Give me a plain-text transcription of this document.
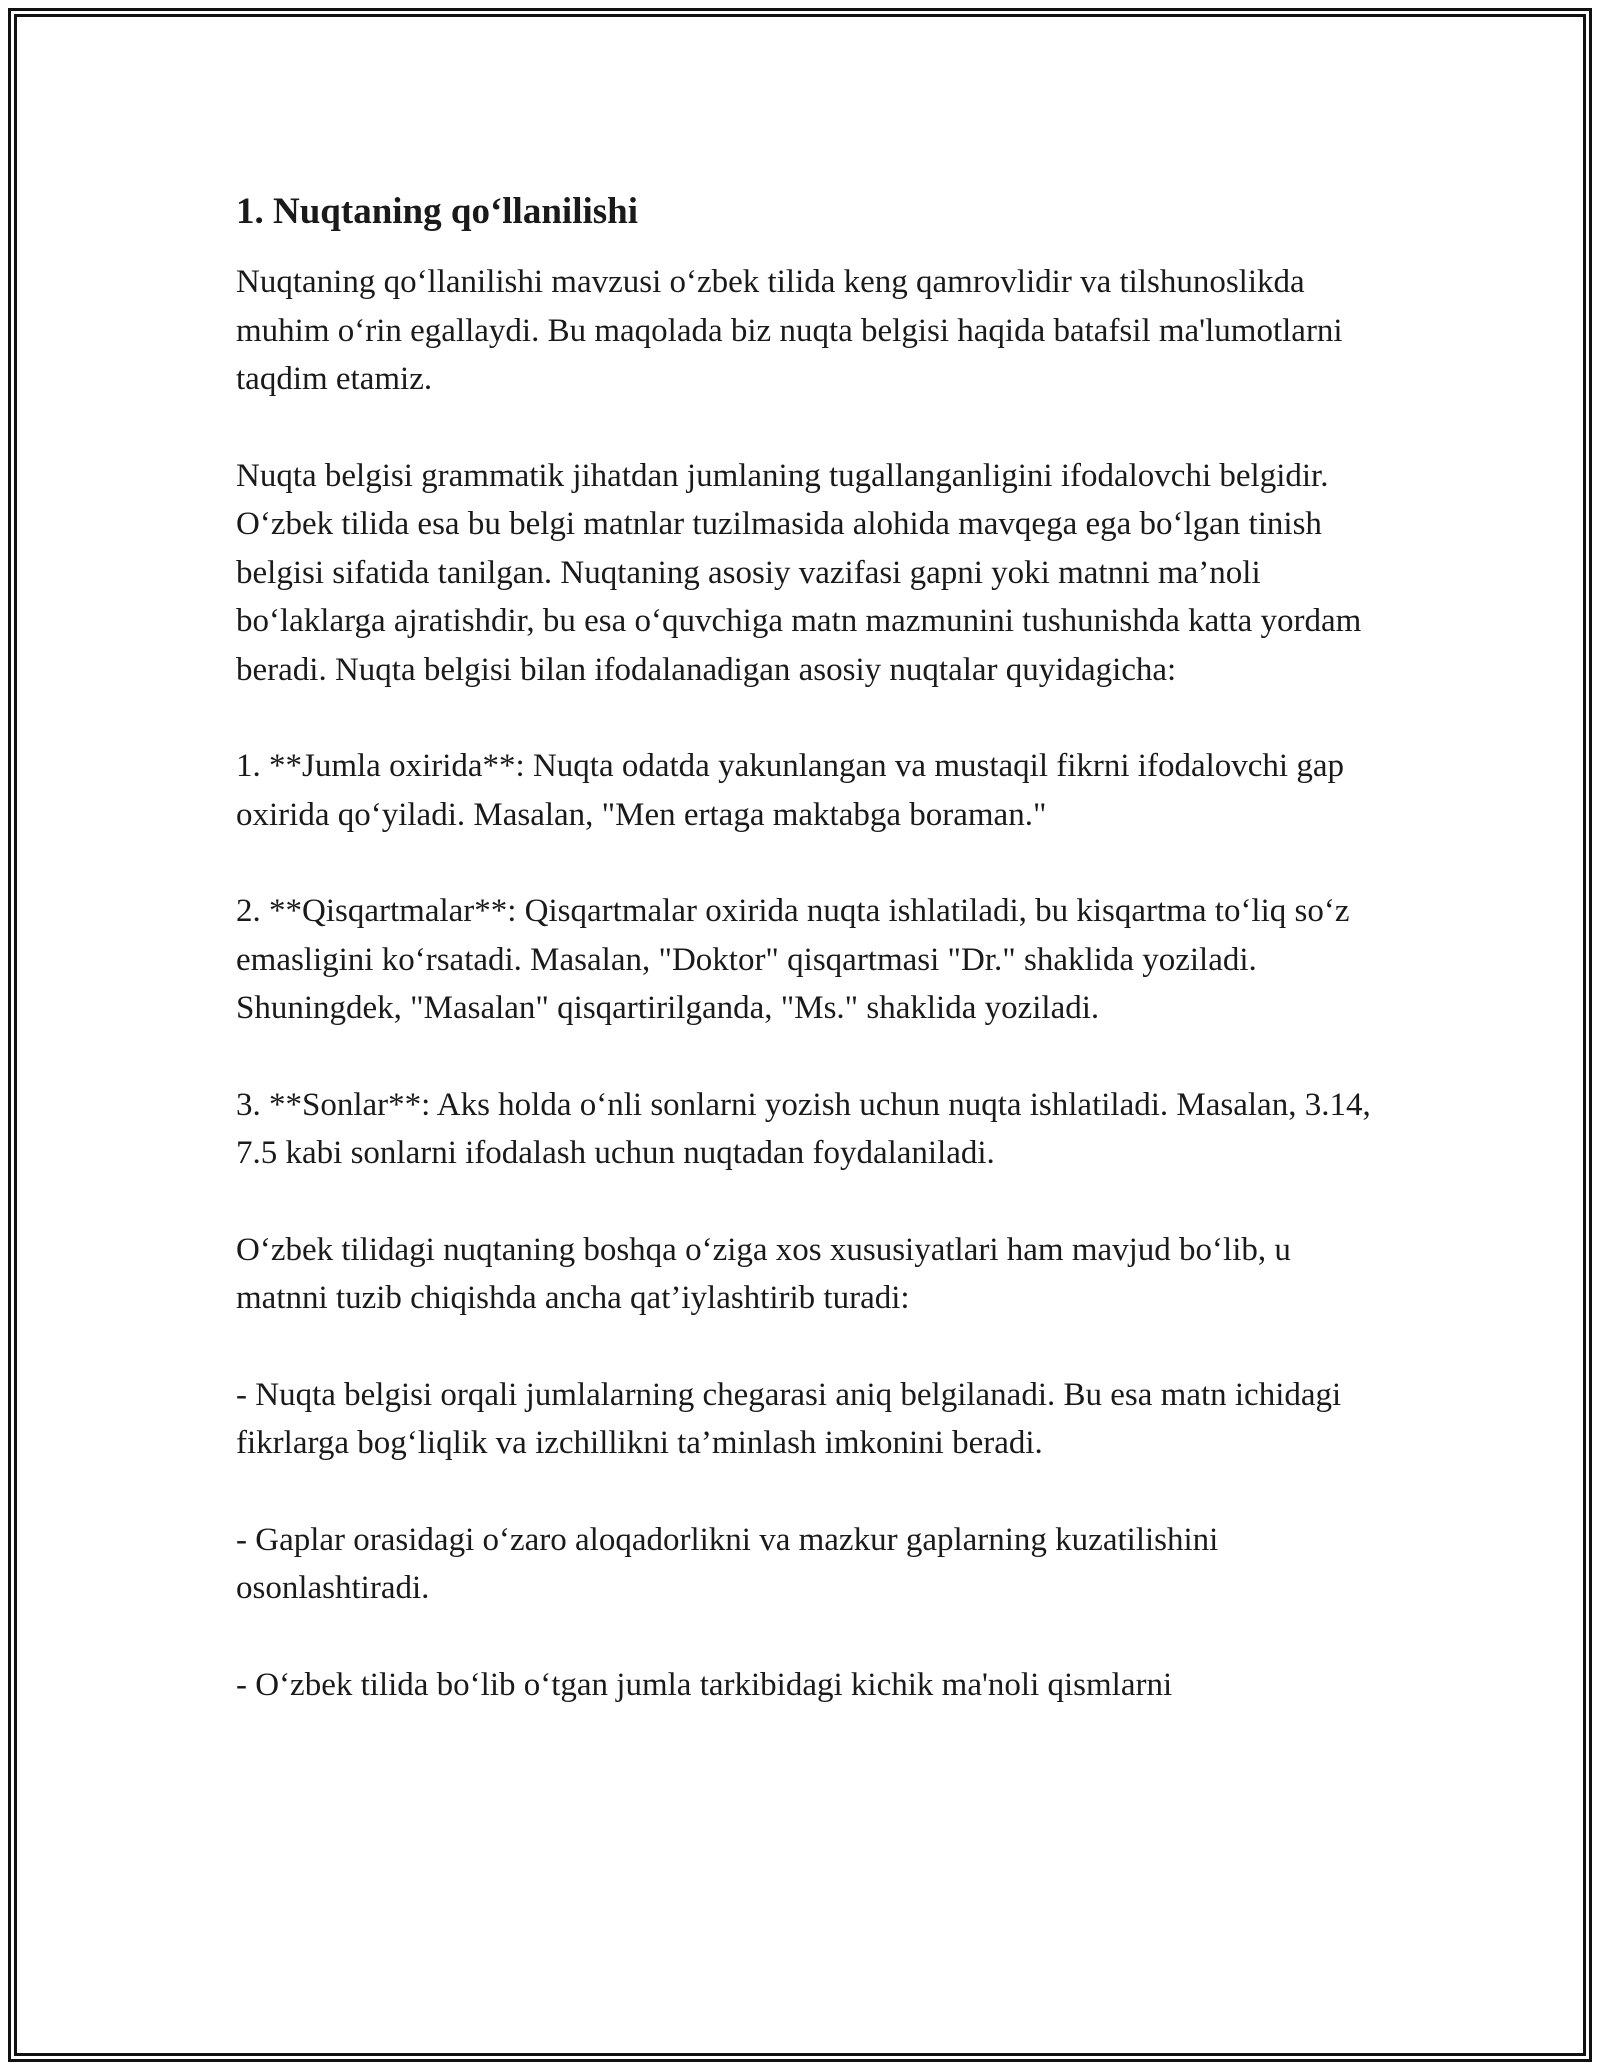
1. Nuqtaning qo‘llanilishi

Nuqtaning qo‘llanilishi mavzusi o‘zbek tilida keng qamrovlidir va tilshunoslikda muhim o‘rin egallaydi. Bu maqolada biz nuqta belgisi haqida batafsil ma'lumotlarni taqdim etamiz.

Nuqta belgisi grammatik jihatdan jumlaning tugallanganligini ifodalovchi belgidir. O‘zbek tilida esa bu belgi matnlar tuzilmasida alohida mavqega ega bo‘lgan tinish belgisi sifatida tanilgan. Nuqtaning asosiy vazifasi gapni yoki matnni ma’noli bo‘laklarga ajratishdir, bu esa o‘quvchiga matn mazmunini tushunishda katta yordam beradi. Nuqta belgisi bilan ifodalanadigan asosiy nuqtalar quyidagicha:

1. **Jumla oxirida**: Nuqta odatda yakunlangan va mustaqil fikrni ifodalovchi gap oxirida qo‘yiladi. Masalan, "Men ertaga maktabga boraman."

2. **Qisqartmalar**: Qisqartmalar oxirida nuqta ishlatiladi, bu kisqartma to‘liq so‘z emasligini ko‘rsatadi. Masalan, "Doktor" qisqartmasi "Dr." shaklida yoziladi. Shuningdek, "Masalan" qisqartirilganda, "Ms." shaklida yoziladi.

3. **Sonlar**: Aks holda o‘nli sonlarni yozish uchun nuqta ishlatiladi. Masalan, 3.14, 7.5 kabi sonlarni ifodalash uchun nuqtadan foydalaniladi.

O‘zbek tilidagi nuqtaning boshqa o‘ziga xos xususiyatlari ham mavjud bo‘lib, u matnni tuzib chiqishda ancha qat’iylashtirib turadi:

- Nuqta belgisi orqali jumlalarning chegarasi aniq belgilanadi. Bu esa matn ichidagi fikrlarga bog‘liqlik va izchillikni ta’minlash imkonini beradi.

- Gaplar orasidagi o‘zaro aloqadorlikni va mazkur gaplarning kuzatilishini osonlashtiradi.

- O‘zbek tilida bo‘lib o‘tgan jumla tarkibidagi kichik ma'noli qismlarni
